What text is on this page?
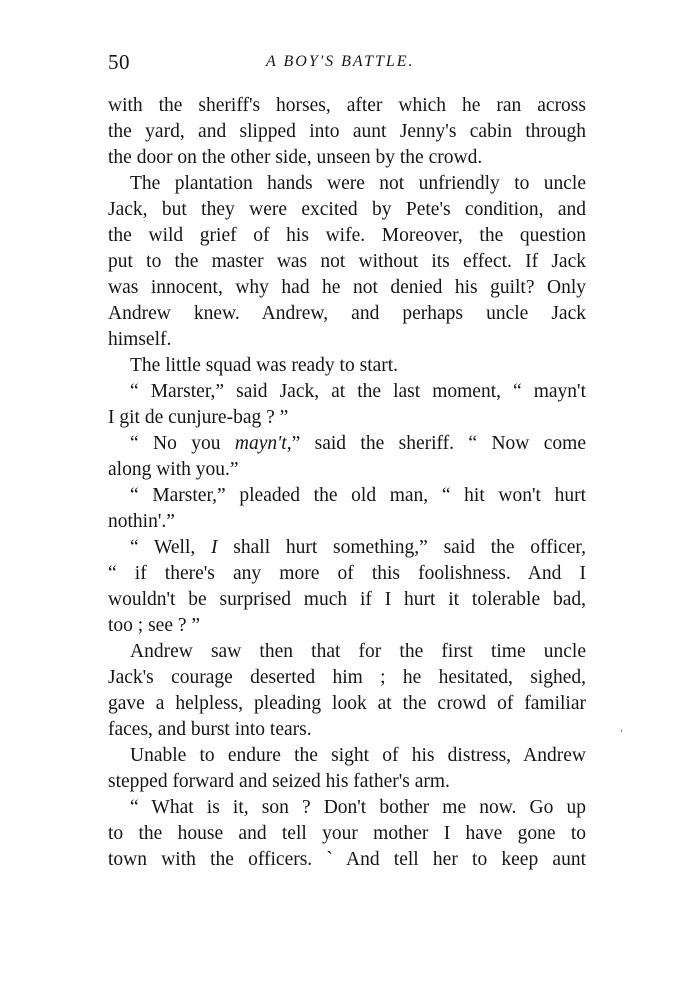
50	A BOY'S BATTLE.
with the sheriff's horses, after which he ran across
the yard, and slipped into aunt Jenny's cabin through
the door on the other side, unseen by the crowd.
The plantation hands were not unfriendly to uncle
Jack, but they were excited by Pete's condition, and
the wild grief of his wife. Moreover, the question
put to the master was not without its effect. If Jack
was innocent, why had he not denied his guilt? Only
Andrew knew. Andrew, and perhaps uncle Jack
himself.
The little squad was ready to start.
“ Marster,” said Jack, at the last moment, “ mayn't
I git de cunjure-bag ? ”
“ No you mayn't,” said the sheriff. “ Now come
along with you.”
“ Marster,” pleaded the old man, “ hit won't hurt
nothin'.”
“ Well, I shall hurt something,” said the officer,
“ if there's any more of this foolishness. And I
wouldn't be surprised much if I hurt it tolerable bad,
too ; see ? ”
Andrew saw then that for the first time uncle
Jack's courage deserted him ; he hesitated, sighed,
gave a helpless, pleading look at the crowd of familiar
faces, and burst into tears.
Unable to endure the sight of his distress, Andrew
stepped forward and seized his father's arm.
“ What is it, son ? Don't bother me now. Go up
to the house and tell your mother I have gone to
town with the officers. ` And tell her to keep aunt
‘
